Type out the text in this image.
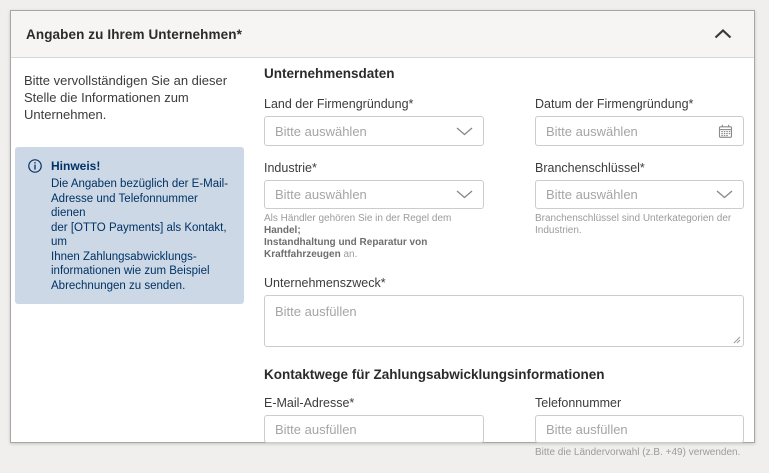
Angaben zu Ihrem Unternehmen*

Bitte vervollständigen Sie an dieser
Stelle die Informationen zum
Unternehmen.

Hinweis!
Die Angaben bezüglich der E-Mail-
Adresse und Telefonnummer dienen
der [OTTO Payments] als Kontakt, um
Ihnen Zahlungsabwicklungs-
informationen wie zum Beispiel
Abrechnungen zu senden.
Unternehmensdaten
Land der Firmengründung*
Bitte auswählen
Datum der Firmengründung*
Bitte auswählen
Industrie*
Bitte auswählen
Als Händler gehören Sie in der Regel dem Handel;
Instandhaltung und Reparatur von Kraftfahrzeugen an.
Branchenschlüssel*
Bitte auswählen
Branchenschlüssel sind Unterkategorien der Industrien.
Unternehmenszweck*
Bitte ausfüllen
Kontaktwege für Zahlungsabwicklungsinformationen
E-Mail-Adresse*
Bitte ausfüllen	Telefonnummer
Bitte ausfüllen
Bitte die Ländervorwahl (z.B. +49) verwenden.
